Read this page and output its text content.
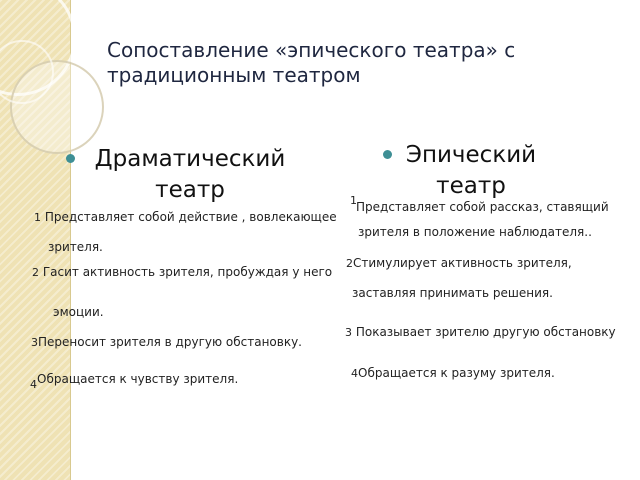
Сопоставление «эпического театра» с
традиционным театром
Драматический
театр
Эпический
театр
1 Представляет собой действие , вовлекающее
зрителя.
2 Гасит активность зрителя, пробуждая у него
эмоции.
3Переносит зрителя в другую обстановку.
4Обращается к чувству зрителя.
1 Представляет собой рассказ, ставящий
зрителя в положение наблюдателя..
2Стимулирует активность зрителя,
заставляя принимать решения.
3 Показывает зрителю другую обстановку
4Обращается к разуму зрителя.
